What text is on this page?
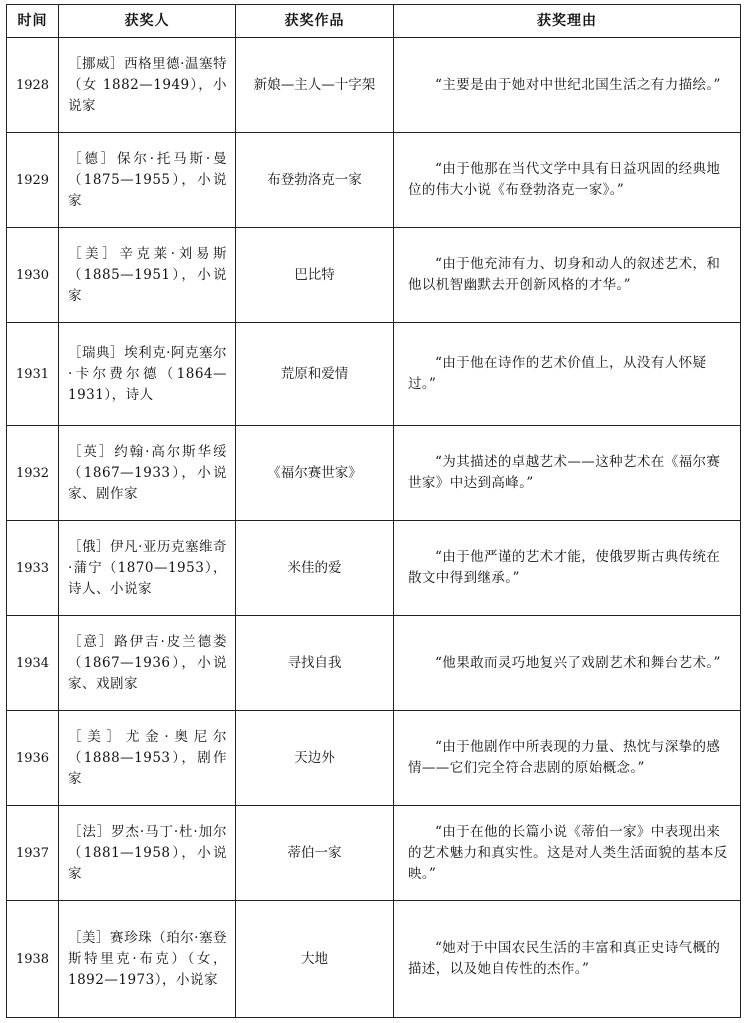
时间	获奖人	获奖作品	获奖理由
1928	［挪威］西格里德·温塞特（女 1882—1949），小说家	新娘—主人—十字架	“主要是由于她对中世纪北国生活之有力描绘。”
1929	［德］保尔·托马斯·曼（1875—1955），小说家	布登勃洛克一家	“由于他那在当代文学中具有日益巩固的经典地位的伟大小说《布登勃洛克一家》。”
1930	［美］辛克莱·刘易斯（1885—1951），小说家	巴比特	“由于他充沛有力、切身和动人的叙述艺术，和他以机智幽默去开创新风格的才华。”
1931	［瑞典］埃利克·阿克塞尔·卡尔费尔德（1864—1931），诗人	荒原和爱情	“由于他在诗作的艺术价值上，从没有人怀疑过。”
1932	［英］约翰·高尔斯华绥（1867—1933），小说家、剧作家	《福尔赛世家》	“为其描述的卓越艺术——这种艺术在《福尔赛世家》中达到高峰。”
1933	［俄］伊凡·亚历克塞维奇·蒲宁（1870—1953），诗人、小说家	米佳的爱	“由于他严谨的艺术才能，使俄罗斯古典传统在散文中得到继承。”
1934	［意］路伊吉·皮兰德娄（1867—1936），小说家、戏剧家	寻找自我	“他果敢而灵巧地复兴了戏剧艺术和舞台艺术。”
1936	［美］尤金·奥尼尔（1888—1953），剧作家	天边外	“由于他剧作中所表现的力量、热忱与深挚的感情——它们完全符合悲剧的原始概念。”
1937	［法］罗杰·马丁·杜·加尔（1881—1958），小说家	蒂伯一家	“由于在他的长篇小说《蒂伯一家》中表现出来的艺术魅力和真实性。这是对人类生活面貌的基本反映。”
1938	［美］赛珍珠（珀尔·塞登斯特里克·布克）（女，1892—1973），小说家	大地	“她对于中国农民生活的丰富和真正史诗气概的描述，以及她自传性的杰作。”
